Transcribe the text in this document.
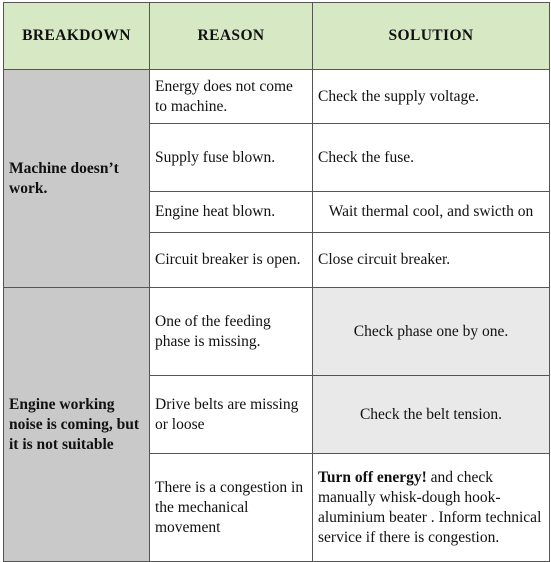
BREAKDOWN	REASON	SOLUTION
Machine doesn’t work.	Energy does not come to machine.	Check the supply voltage.
	Supply fuse blown.	Check the fuse.
	Engine heat blown.	Wait thermal cool, and swicth on
	Circuit breaker is open.	Close circuit breaker.
Engine working noise is coming, but it is not suitable	One of the feeding phase is missing.	Check phase one by one.
	Drive belts are missing or loose	Check the belt tension.
	There is a congestion in the mechanical movement	Turn off energy! and check manually whisk-dough hook-aluminium beater . Inform technical service if there is congestion.
